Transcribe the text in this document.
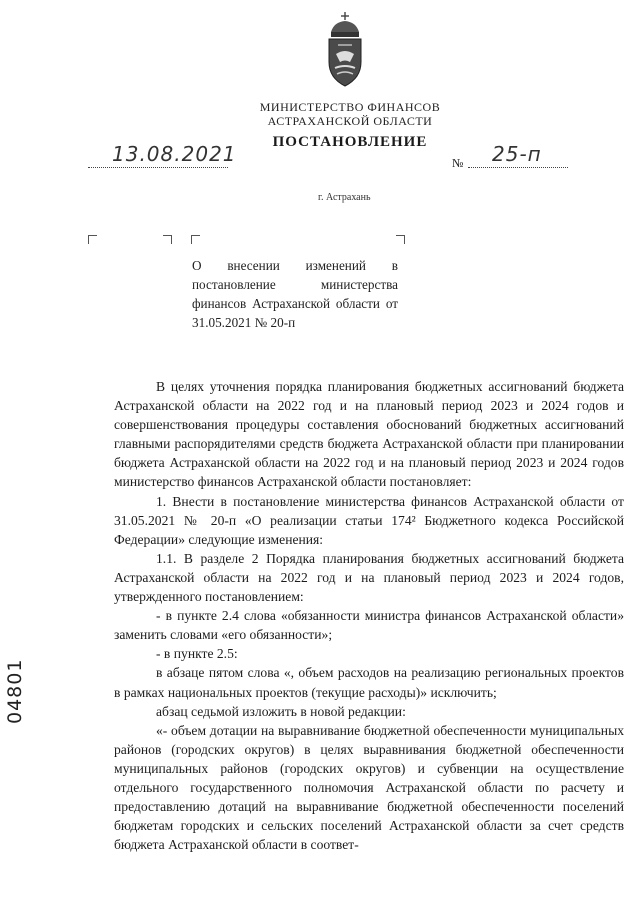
МИНИСТЕРСТВО ФИНАНСОВ
АСТРАХАНСКОЙ ОБЛАСТИ
ПОСТАНОВЛЕНИЕ
13.08.2021	№ 25-п
г. Астрахань
О внесении изменений в постановление министерства финансов Астраханской области от 31.05.2021 № 20-п

В целях уточнения порядка планирования бюджетных ассигнований бюджета Астраханской области на 2022 год и на плановый период 2023 и 2024 годов и совершенствования процедуры составления обоснований бюджетных ассигнований главными распорядителями средств бюджета Астраханской области при планировании бюджета Астраханской области на 2022 год и на плановый период 2023 и 2024 годов министерство финансов Астраханской области постановляет:

1. Внести в постановление министерства финансов Астраханской области от 31.05.2021 № 20-п «О реализации статьи 174² Бюджетного кодекса Российской Федерации» следующие изменения:

1.1. В разделе 2 Порядка планирования бюджетных ассигнований бюджета Астраханской области на 2022 год и на плановый период 2023 и 2024 годов, утвержденного постановлением:

- в пункте 2.4 слова «обязанности министра финансов Астраханской области» заменить словами «его обязанности»;

- в пункте 2.5:

в абзаце пятом слова «, объем расходов на реализацию региональных проектов в рамках национальных проектов (текущие расходы)» исключить;

абзац седьмой изложить в новой редакции:

«- объем дотации на выравнивание бюджетной обеспеченности муниципальных районов (городских округов) в целях выравнивания бюджетной обеспеченности муниципальных районов (городских округов) и субвенции на осуществление отдельного государственного полномочия Астраханской области по расчету и предоставлению дотаций на выравнивание бюджетной обеспеченности поселений бюджетам городских и сельских поселений Астраханской области за счет средств бюджета Астраханской области в соответ-

04801
